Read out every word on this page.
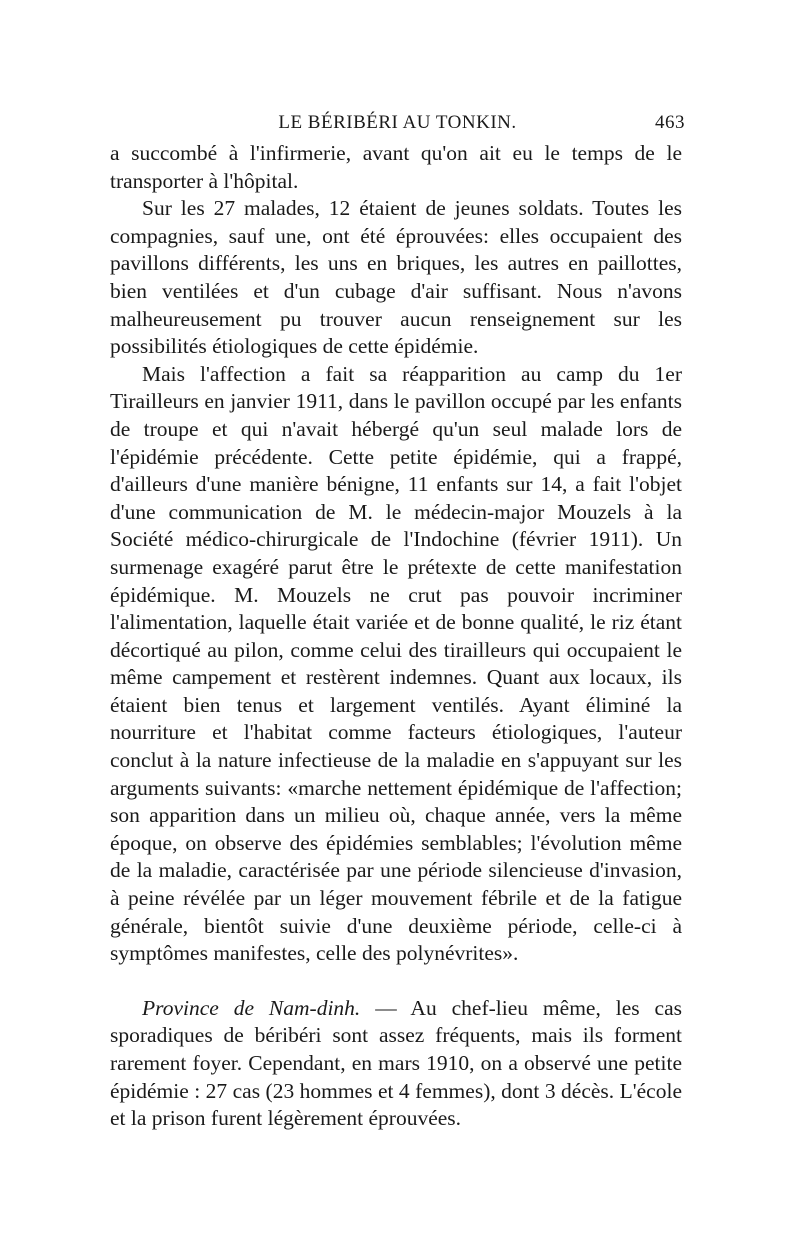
LE BÉRIBÉRI AU TONKIN.	463

a succombé à l'infirmerie, avant qu'on ait eu le temps de le transporter à l'hôpital.

Sur les 27 malades, 12 étaient de jeunes soldats. Toutes les compagnies, sauf une, ont été éprouvées: elles occupaient des pavillons différents, les uns en briques, les autres en paillottes, bien ventilées et d'un cubage d'air suffisant. Nous n'avons malheureusement pu trouver aucun renseignement sur les possibilités étiologiques de cette épidémie.

Mais l'affection a fait sa réapparition au camp du 1er Tirailleurs en janvier 1911, dans le pavillon occupé par les enfants de troupe et qui n'avait hébergé qu'un seul malade lors de l'épidémie précédente. Cette petite épidémie, qui a frappé, d'ailleurs d'une manière bénigne, 11 enfants sur 14, a fait l'objet d'une communication de M. le médecin-major Mouzels à la Société médico-chirurgicale de l'Indochine (février 1911). Un surmenage exagéré parut être le prétexte de cette manifestation épidémique. M. Mouzels ne crut pas pouvoir incriminer l'alimentation, laquelle était variée et de bonne qualité, le riz étant décortiqué au pilon, comme celui des tirailleurs qui occupaient le même campement et restèrent indemnes. Quant aux locaux, ils étaient bien tenus et largement ventilés. Ayant éliminé la nourriture et l'habitat comme facteurs étiologiques, l'auteur conclut à la nature infectieuse de la maladie en s'appuyant sur les arguments suivants: «marche nettement épidémique de l'affection; son apparition dans un milieu où, chaque année, vers la même époque, on observe des épidémies semblables; l'évolution même de la maladie, caractérisée par une période silencieuse d'invasion, à peine révélée par un léger mouvement fébrile et de la fatigue générale, bientôt suivie d'une deuxième période, celle-ci à symptômes manifestes, celle des polynévrites».

Province de Nam-dinh. — Au chef-lieu même, les cas sporadiques de béribéri sont assez fréquents, mais ils forment rarement foyer. Cependant, en mars 1910, on a observé une petite épidémie : 27 cas (23 hommes et 4 femmes), dont 3 décès. L'école et la prison furent légèrement éprouvées.
